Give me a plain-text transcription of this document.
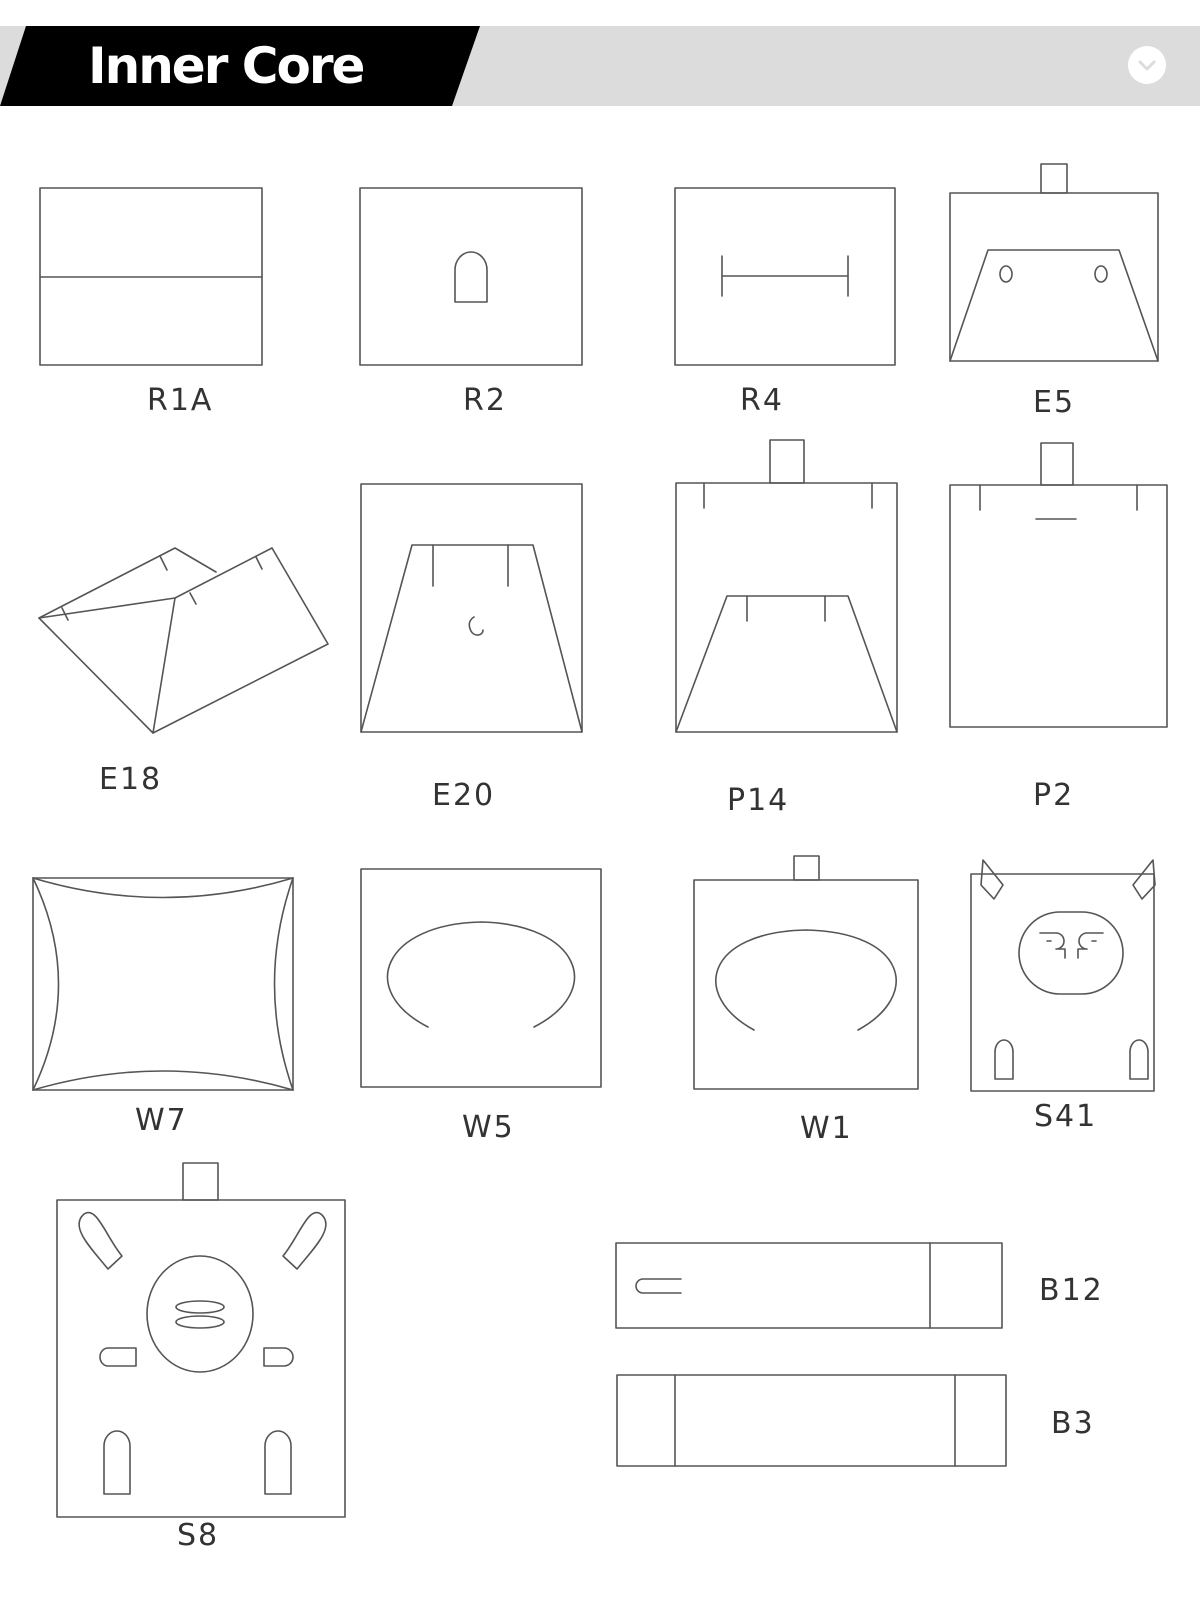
Inner Core
R1A	R2	R4	E5
E18	E20	P14	P2
W7	W5	W1	S41
S8
B12
B3
